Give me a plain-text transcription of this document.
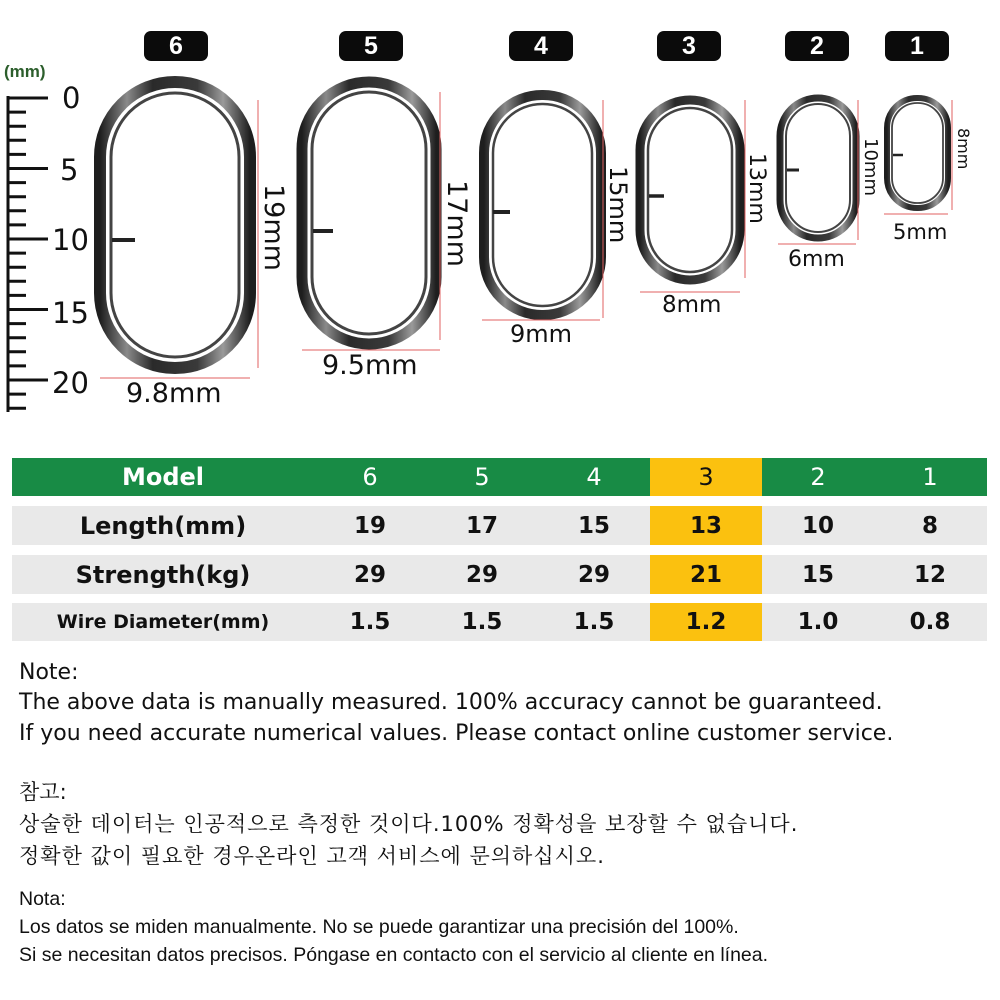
6	5	4	3	2	1
(mm)
0
5
10
15
20
19mm
9.8mm
17mm
9.5mm
15mm
9mm
13mm
8mm
10mm
6mm
8mm
5mm
Model	6	5	4	3	2	1
Length(mm)	19	17	15	13	10	8
Strength(kg)	29	29	29	21	15	12
Wire Diameter(mm)	1.5	1.5	1.5	1.2	1.0	0.8
Note:
The above data is manually measured. 100% accuracy cannot be guaranteed.
If you need accurate numerical values. Please contact online customer service.
참고:
상술한 데이터는 인공적으로 측정한 것이다.100% 정확성을 보장할 수 없습니다.
정확한 값이 필요한 경우온라인 고객 서비스에 문의하십시오.
Nota:
Los datos se miden manualmente. No se puede garantizar una precisión del 100%.
Si se necesitan datos precisos. Póngase en contacto con el servicio al cliente en línea.
